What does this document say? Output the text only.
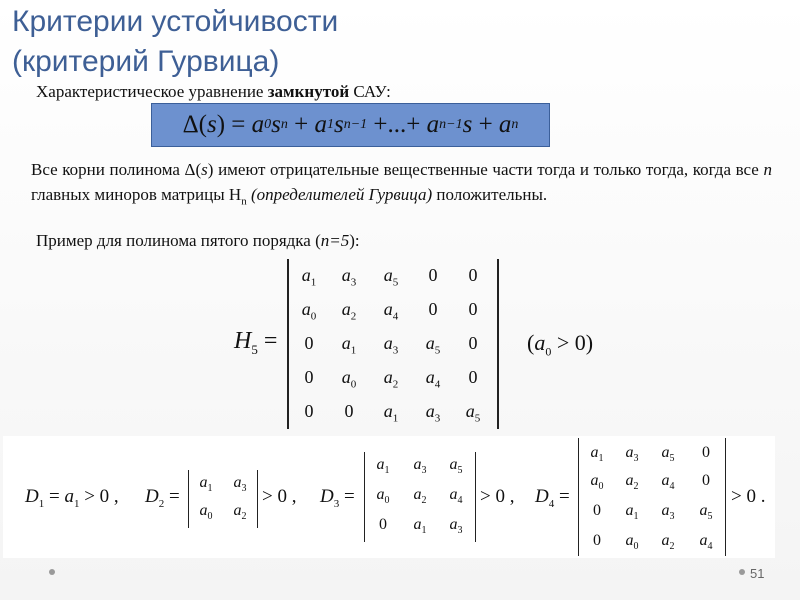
Критерии устойчивости
(критерий Гурвица)
Характеристическое уравнение замкнутой САУ:
Δ( s )
= a 0 s n
+ a 1 s n−1
+...+ a n−1 s + a n
Все корни полинома Δ(s) имеют отрицательные вещественные части тогда и только тогда, когда все n главных миноров матрицы $H_n$ (определителей Гурвица) положительны.
Пример для полинома пятого порядка (n=5):
$H_5$ =
$a_1$	$a_3$	$a_5$	0	0
$a_0$	$a_2$	$a_4$	0	0
0	$a_1$	$a_3$	$a_5$	0
0	$a_0$	$a_2$	$a_4$	0
0	0	$a_1$	$a_3$	$a_5$
$(a_0 > 0)$
$D_1 = a_1 > 0$ , $D_2$ =
$a_1$	$a_3$
$a_0$	$a_2$
> 0 , $D_3$ =
$a_1$	$a_3$	$a_5$
$a_0$	$a_2$	$a_4$
0	$a_1$	$a_3$
> 0 , $D_4$ =
$a_1$	$a_3$	$a_5$	0
$a_0$	$a_2$	$a_4$	0
0	$a_1$	$a_3$	$a_5$
0	$a_0$	$a_2$	$a_4$
> 0 .
51
